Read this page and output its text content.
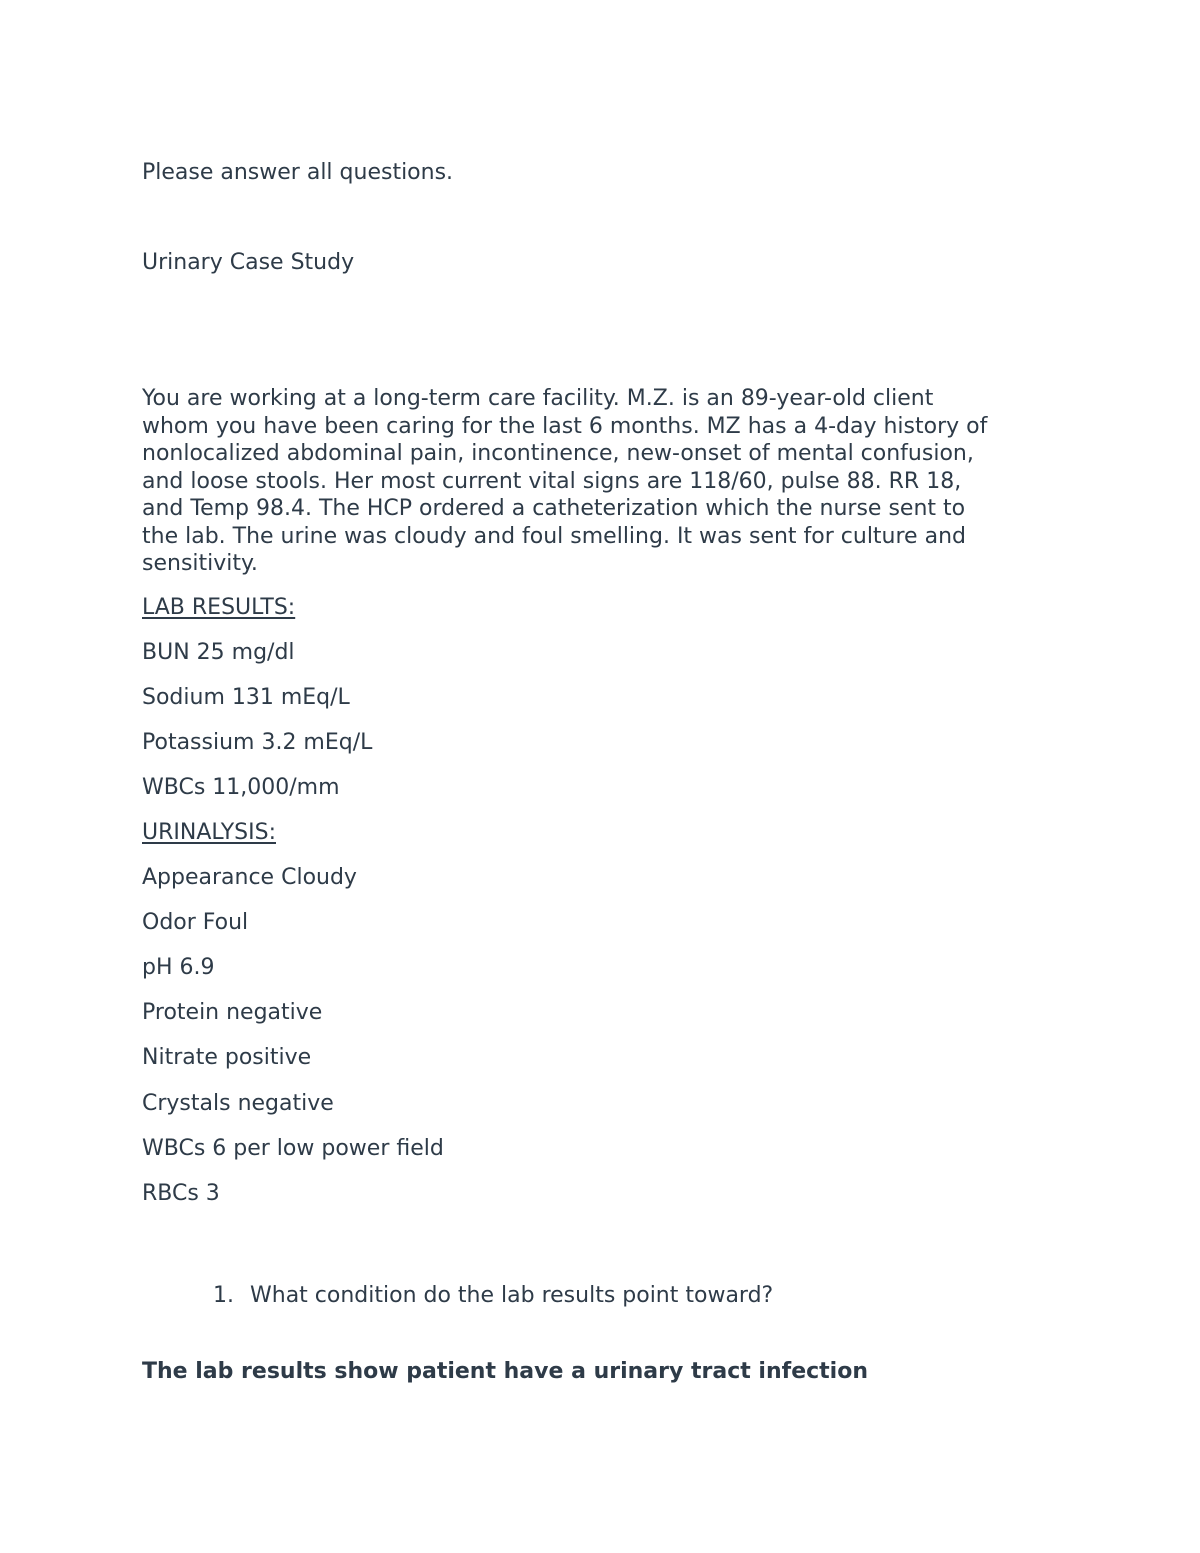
Please answer all questions.

Urinary Case Study

You are working at a long-term care facility. M.Z. is an 89-year-old client
whom you have been caring for the last 6 months. MZ has a 4-day history of
nonlocalized abdominal pain, incontinence, new-onset of mental confusion,
and loose stools. Her most current vital signs are 118/60, pulse 88. RR 18,
and Temp 98.4. The HCP ordered a catheterization which the nurse sent to
the lab. The urine was cloudy and foul smelling. It was sent for culture and
sensitivity.

LAB RESULTS:

BUN 25 mg/dl

Sodium 131 mEq/L

Potassium 3.2 mEq/L

WBCs 11,000/mm

URINALYSIS:

Appearance Cloudy

Odor Foul

pH 6.9

Protein negative

Nitrate positive

Crystals negative

WBCs 6 per low power field

RBCs 3

1. What condition do the lab results point toward?

The lab results show patient have a urinary tract infection
